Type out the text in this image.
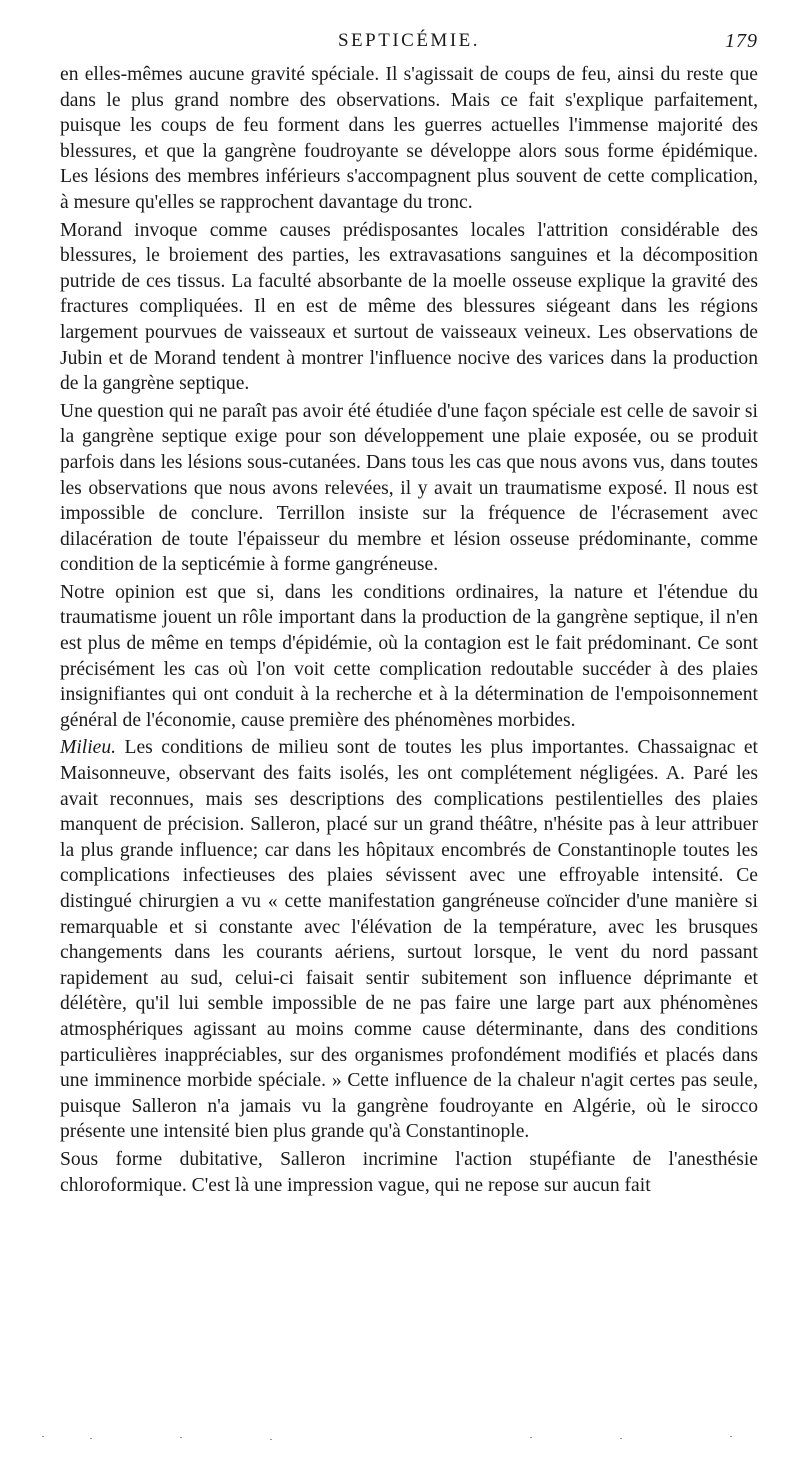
SEPTICÉMIE.	179

en elles-mêmes aucune gravité spéciale. Il s'agissait de coups de feu, ainsi du reste que dans le plus grand nombre des observations. Mais ce fait s'explique parfaitement, puisque les coups de feu forment dans les guerres actuelles l'immense majorité des blessures, et que la gangrène foudroyante se développe alors sous forme épidémique. Les lésions des membres inférieurs s'accompagnent plus souvent de cette complication, à mesure qu'elles se rapprochent davantage du tronc.

Morand invoque comme causes prédisposantes locales l'attrition considérable des blessures, le broiement des parties, les extravasations sanguines et la décomposition putride de ces tissus. La faculté absorbante de la moelle osseuse explique la gravité des fractures compliquées. Il en est de même des blessures siégeant dans les régions largement pourvues de vaisseaux et surtout de vaisseaux veineux. Les observations de Jubin et de Morand tendent à montrer l'influence nocive des varices dans la production de la gangrène septique.

Une question qui ne paraît pas avoir été étudiée d'une façon spéciale est celle de savoir si la gangrène septique exige pour son développement une plaie exposée, ou se produit parfois dans les lésions sous-cutanées. Dans tous les cas que nous avons vus, dans toutes les observations que nous avons relevées, il y avait un traumatisme exposé. Il nous est impossible de conclure. Terrillon insiste sur la fréquence de l'écrasement avec dilacération de toute l'épaisseur du membre et lésion osseuse prédominante, comme condition de la septicémie à forme gangréneuse.

Notre opinion est que si, dans les conditions ordinaires, la nature et l'étendue du traumatisme jouent un rôle important dans la production de la gangrène septique, il n'en est plus de même en temps d'épidémie, où la contagion est le fait prédominant. Ce sont précisément les cas où l'on voit cette complication redoutable succéder à des plaies insignifiantes qui ont conduit à la recherche et à la détermination de l'empoisonnement général de l'économie, cause première des phénomènes morbides.

Milieu. Les conditions de milieu sont de toutes les plus importantes. Chassaignac et Maisonneuve, observant des faits isolés, les ont complétement négligées. A. Paré les avait reconnues, mais ses descriptions des complications pestilentielles des plaies manquent de précision. Salleron, placé sur un grand théâtre, n'hésite pas à leur attribuer la plus grande influence; car dans les hôpitaux encombrés de Constantinople toutes les complications infectieuses des plaies sévissent avec une effroyable intensité. Ce distingué chirurgien a vu « cette manifestation gangréneuse coïncider d'une manière si remarquable et si constante avec l'élévation de la température, avec les brusques changements dans les courants aériens, surtout lorsque, le vent du nord passant rapidement au sud, celui-ci faisait sentir subitement son influence déprimante et délétère, qu'il lui semble impossible de ne pas faire une large part aux phénomènes atmosphériques agissant au moins comme cause déterminante, dans des conditions particulières inappréciables, sur des organismes profondément modifiés et placés dans une imminence morbide spéciale. » Cette influence de la chaleur n'agit certes pas seule, puisque Salleron n'a jamais vu la gangrène foudroyante en Algérie, où le sirocco présente une intensité bien plus grande qu'à Constantinople.

Sous forme dubitative, Salleron incrimine l'action stupéfiante de l'anesthésie chloroformique. C'est là une impression vague, qui ne repose sur aucun fait
